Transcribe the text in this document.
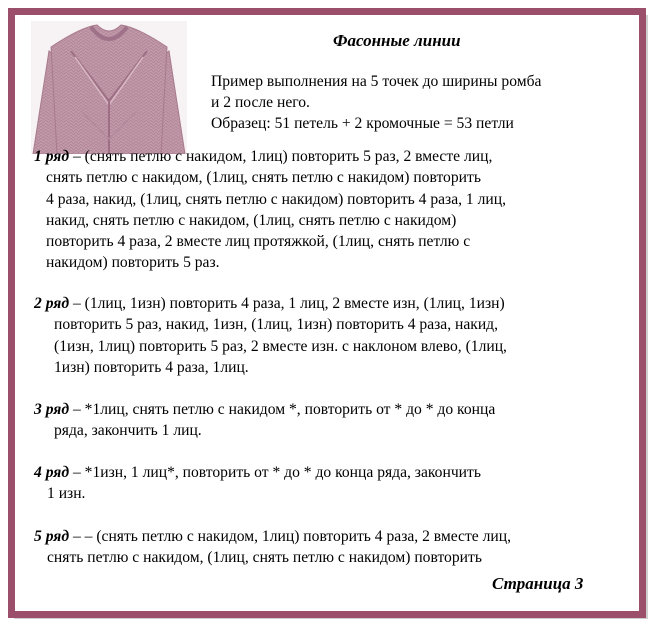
Фасонные линии
Пример выполнения на 5 точек до ширины ромба
и 2 после него.
Образец: 51 петель + 2 кромочные = 53 петли
1 ряд – (снять петлю с накидом, 1лиц) повторить 5 раз, 2 вместе лиц,
снять петлю с накидом, (1лиц, снять петлю с накидом) повторить
4 раза, накид, (1лиц, снять петлю с накидом) повторить 4 раза, 1 лиц,
накид, снять петлю с накидом, (1лиц, снять петлю с накидом)
повторить 4 раза, 2 вместе лиц протяжкой, (1лиц, снять петлю с
накидом) повторить 5 раз.
2 ряд – (1лиц, 1изн) повторить 4 раза, 1 лиц, 2 вместе изн, (1лиц, 1изн)
повторить 5 раз, накид, 1изн, (1лиц, 1изн) повторить 4 раза, накид,
(1изн, 1лиц) повторить 5 раз, 2 вместе изн. с наклоном влево, (1лиц,
1изн) повторить 4 раза, 1лиц.
3 ряд – *1лиц, снять петлю с накидом *, повторить от * до * до конца
ряда, закончить 1 лиц.
4 ряд – *1изн, 1 лиц*, повторить от * до * до конца ряда, закончить
1 изн.
5 ряд – – (снять петлю с накидом, 1лиц) повторить 4 раза, 2 вместе лиц,
снять петлю с накидом, (1лиц, снять петлю с накидом) повторить
Страница 3
